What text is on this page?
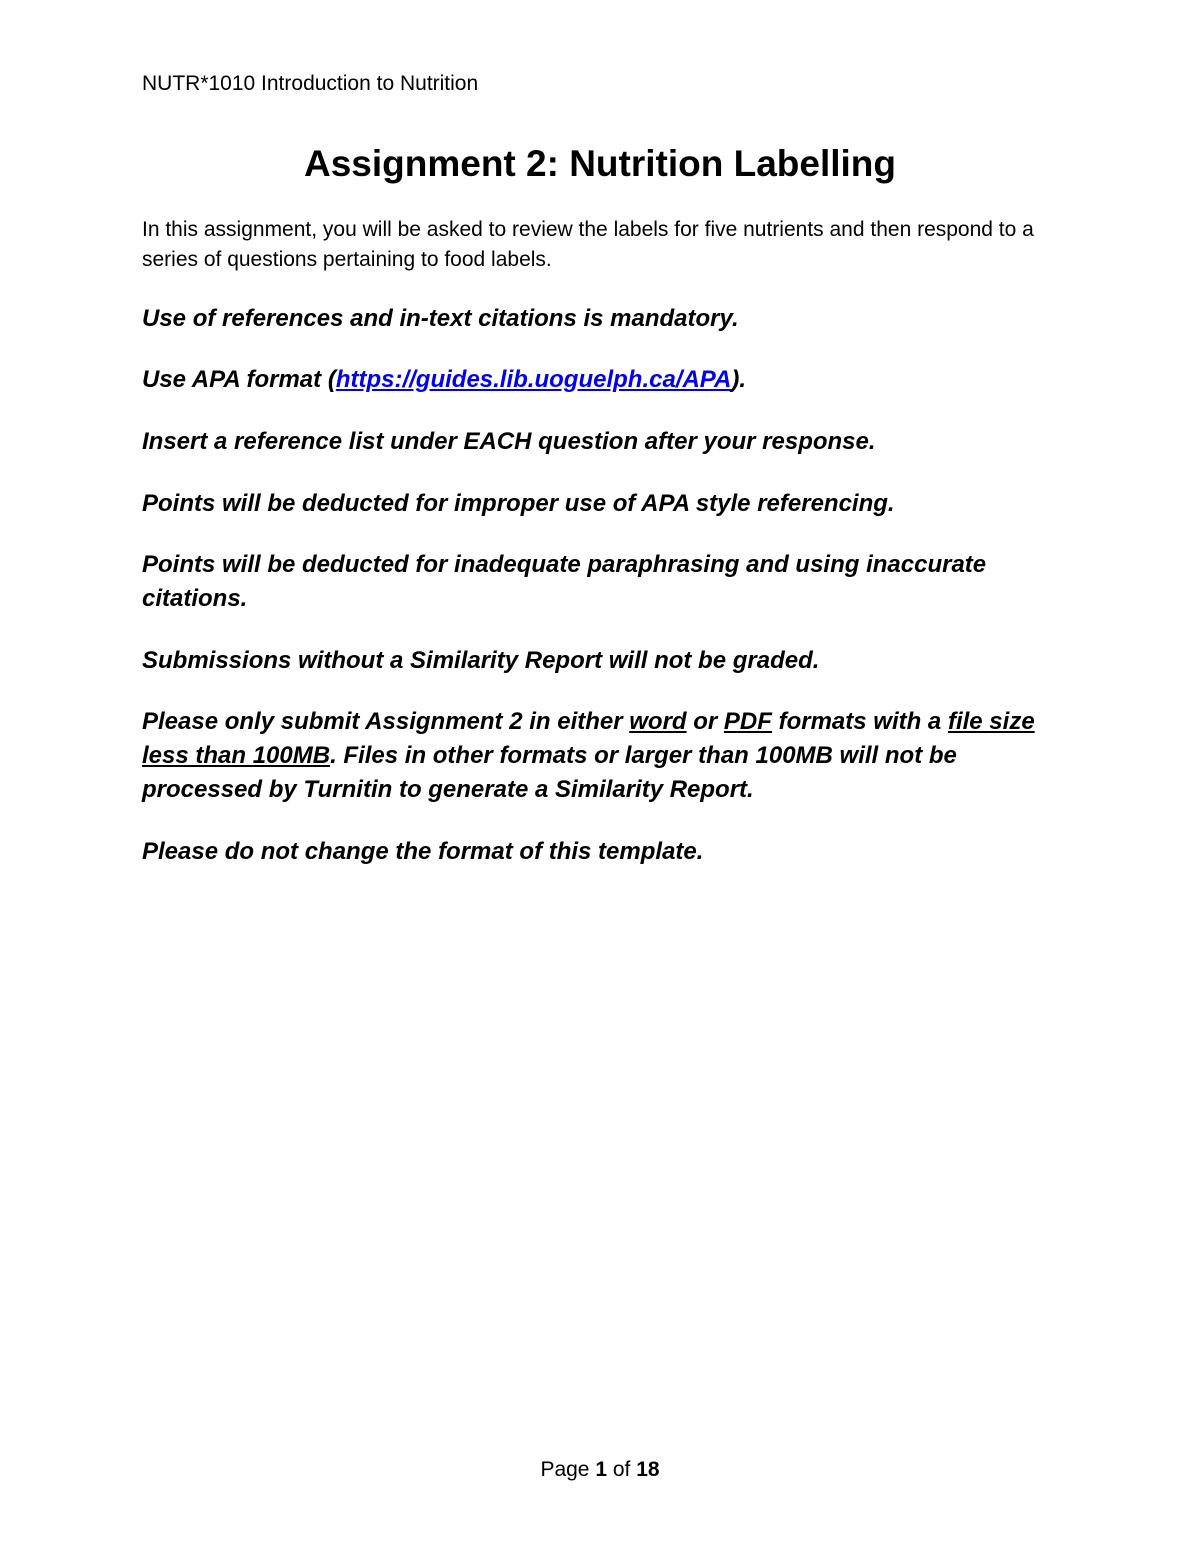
NUTR*1010 Introduction to Nutrition
Assignment 2: Nutrition Labelling
In this assignment, you will be asked to review the labels for five nutrients and then respond to a series of questions pertaining to food labels.
Use of references and in-text citations is mandatory.
Use APA format (https://guides.lib.uoguelph.ca/APA).
Insert a reference list under EACH question after your response.
Points will be deducted for improper use of APA style referencing.
Points will be deducted for inadequate paraphrasing and using inaccurate citations.
Submissions without a Similarity Report will not be graded.
Please only submit Assignment 2 in either word or PDF formats with a file size less than 100MB. Files in other formats or larger than 100MB will not be processed by Turnitin to generate a Similarity Report.
Please do not change the format of this template.
Page 1 of 18
